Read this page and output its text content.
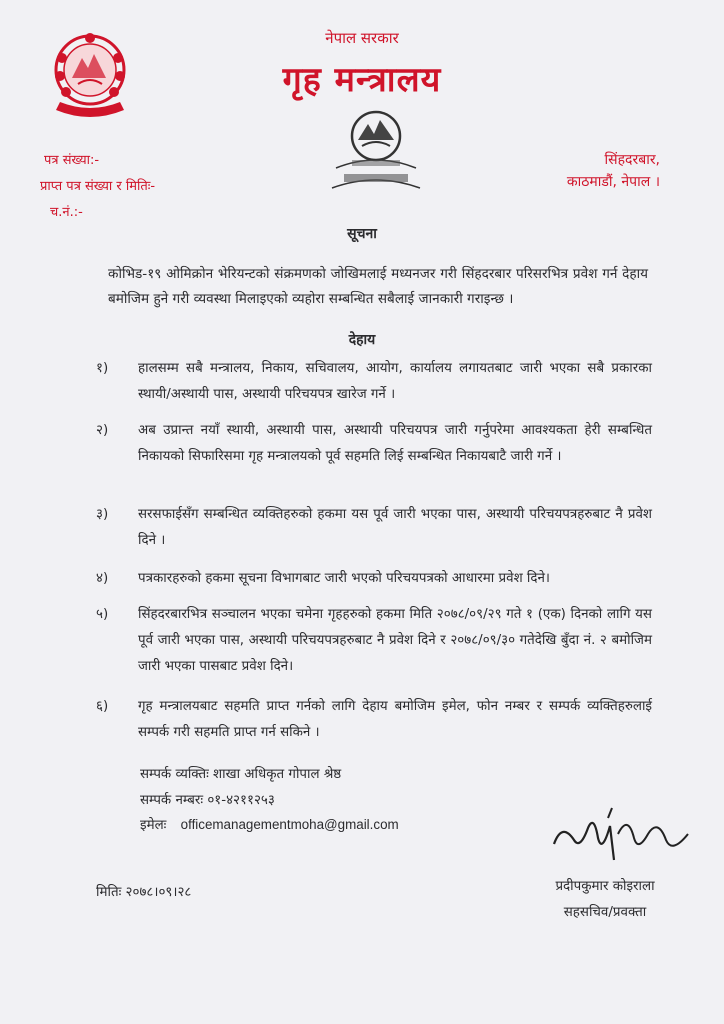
नेपाल सरकार
गृह मन्त्रालय
पत्र संख्या:-
प्राप्त पत्र संख्या र मितिः-
च.नं.:-
सिंहदरबार,
काठमाडौं, नेपाल ।
सूचना
कोभिड-१९ ओमिक्रोन भेरियन्टको संक्रमणको जोखिमलाई मध्यनजर गरी सिंहदरबार परिसरभित्र प्रवेश गर्न देहाय बमोजिम हुने गरी व्यवस्था मिलाइएको व्यहोरा सम्बन्धित सबैलाई जानकारी गराइन्छ ।
देहाय
१)	हालसम्म सबै मन्त्रालय, निकाय, सचिवालय, आयोग, कार्यालय लगायतबाट जारी भएका सबै प्रकारका स्थायी/अस्थायी पास, अस्थायी परिचयपत्र खारेज गर्ने ।
२)	अब उप्रान्त नयाँ स्थायी, अस्थायी पास, अस्थायी परिचयपत्र जारी गर्नुपरेमा आवश्यकता हेरी सम्बन्धित निकायको सिफारिसमा गृह मन्त्रालयको पूर्व सहमति लिई सम्बन्धित निकायबाटै जारी गर्ने ।
३)	सरसफाईसँग सम्बन्धित व्यक्तिहरुको हकमा यस पूर्व जारी भएका पास, अस्थायी परिचयपत्रहरुबाट नै प्रवेश दिने ।
४)	पत्रकारहरुको हकमा सूचना विभागबाट जारी भएको परिचयपत्रको आधारमा प्रवेश दिने।
५)	सिंहदरबारभित्र सञ्चालन भएका चमेना गृहहरुको हकमा मिति २०७८/०९/२९ गते १ (एक) दिनको लागि यस पूर्व जारी भएका पास, अस्थायी परिचयपत्रहरुबाट नै प्रवेश दिने र २०७८/०९/३० गतेदेखि बुँदा नं. २ बमोजिम जारी भएका पासबाट प्रवेश दिने।
६)	गृह मन्त्रालयबाट सहमति प्राप्त गर्नको लागि देहाय बमोजिम इमेल, फोन नम्बर र सम्पर्क व्यक्तिहरुलाई सम्पर्क गरी सहमति प्राप्त गर्न सकिने ।
सम्पर्क व्यक्तिः शाखा अधिकृत गोपाल श्रेष्ठ
सम्पर्क नम्बरः ०१-४२११२५३
इमेलः officemanagementmoha@gmail.com
मितिः २०७८।०९।२८	प्रदीपकुमार कोइराला
सहसचिव/प्रवक्ता
